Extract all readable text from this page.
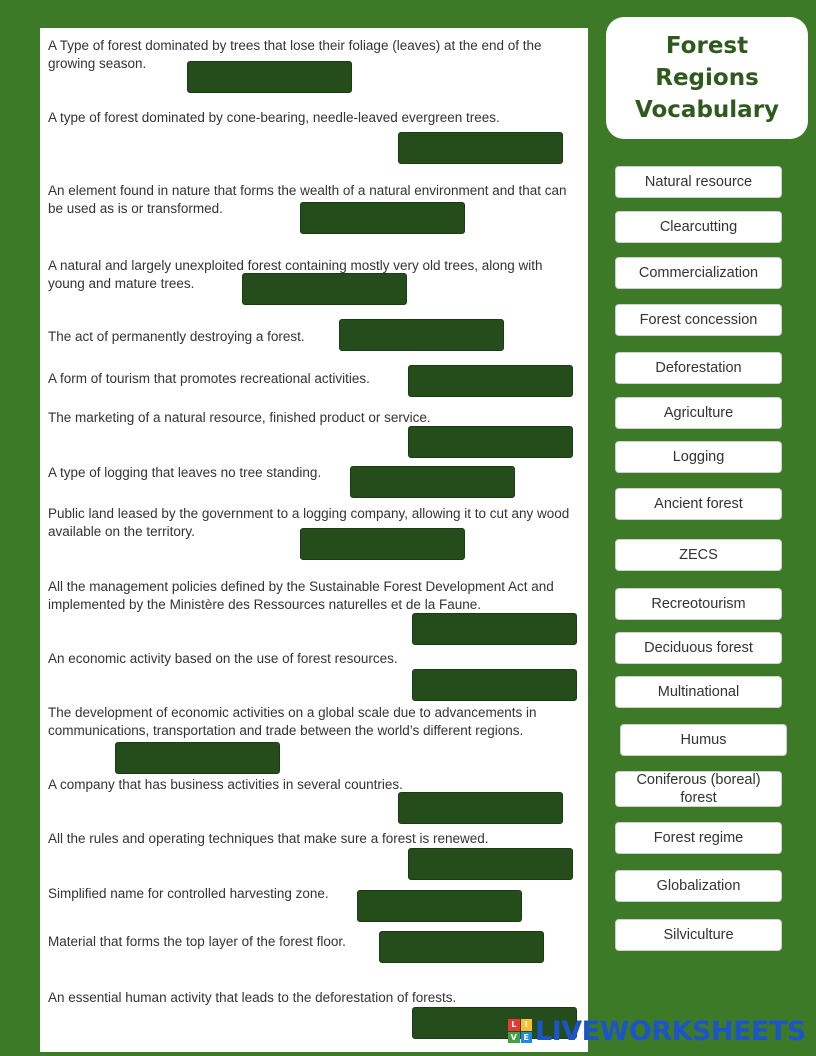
A Type of forest dominated by trees that lose their foliage (leaves) at the end of the growing season.
A type of forest dominated by cone-bearing, needle-leaved evergreen trees.
An element found in nature that forms the wealth of a natural environment and that can be used as is or transformed.
A natural and largely unexploited forest containing mostly very old trees, along with young and mature trees.
The act of permanently destroying a forest.
A form of tourism that promotes recreational activities.
The marketing of a natural resource, finished product or service.
A type of logging that leaves no tree standing.
Public land leased by the government to a logging company, allowing it to cut any wood available on the territory.
All the management policies defined by the Sustainable Forest Development Act and implemented by the Ministère des Ressources naturelles et de la Faune.
An economic activity based on the use of forest resources.
The development of economic activities on a global scale due to advancements in communications, transportation and trade between the world’s different regions.
A company that has business activities in several countries.
All the rules and operating techniques that make sure a forest is renewed.
Simplified name for controlled harvesting zone.
Material that forms the top layer of the forest floor.
An essential human activity that leads to the deforestation of forests.
Forest
Regions
Vocabulary
Natural resource
Clearcutting
Commercialization
Forest concession
Deforestation
Agriculture
Logging
Ancient forest
ZECS
Recreotourism
Deciduous forest
Multinational
Humus
Coniferous (boreal) forest
Forest regime
Globalization
Silviculture
L	I
V E LIVEWORKSHEETS
